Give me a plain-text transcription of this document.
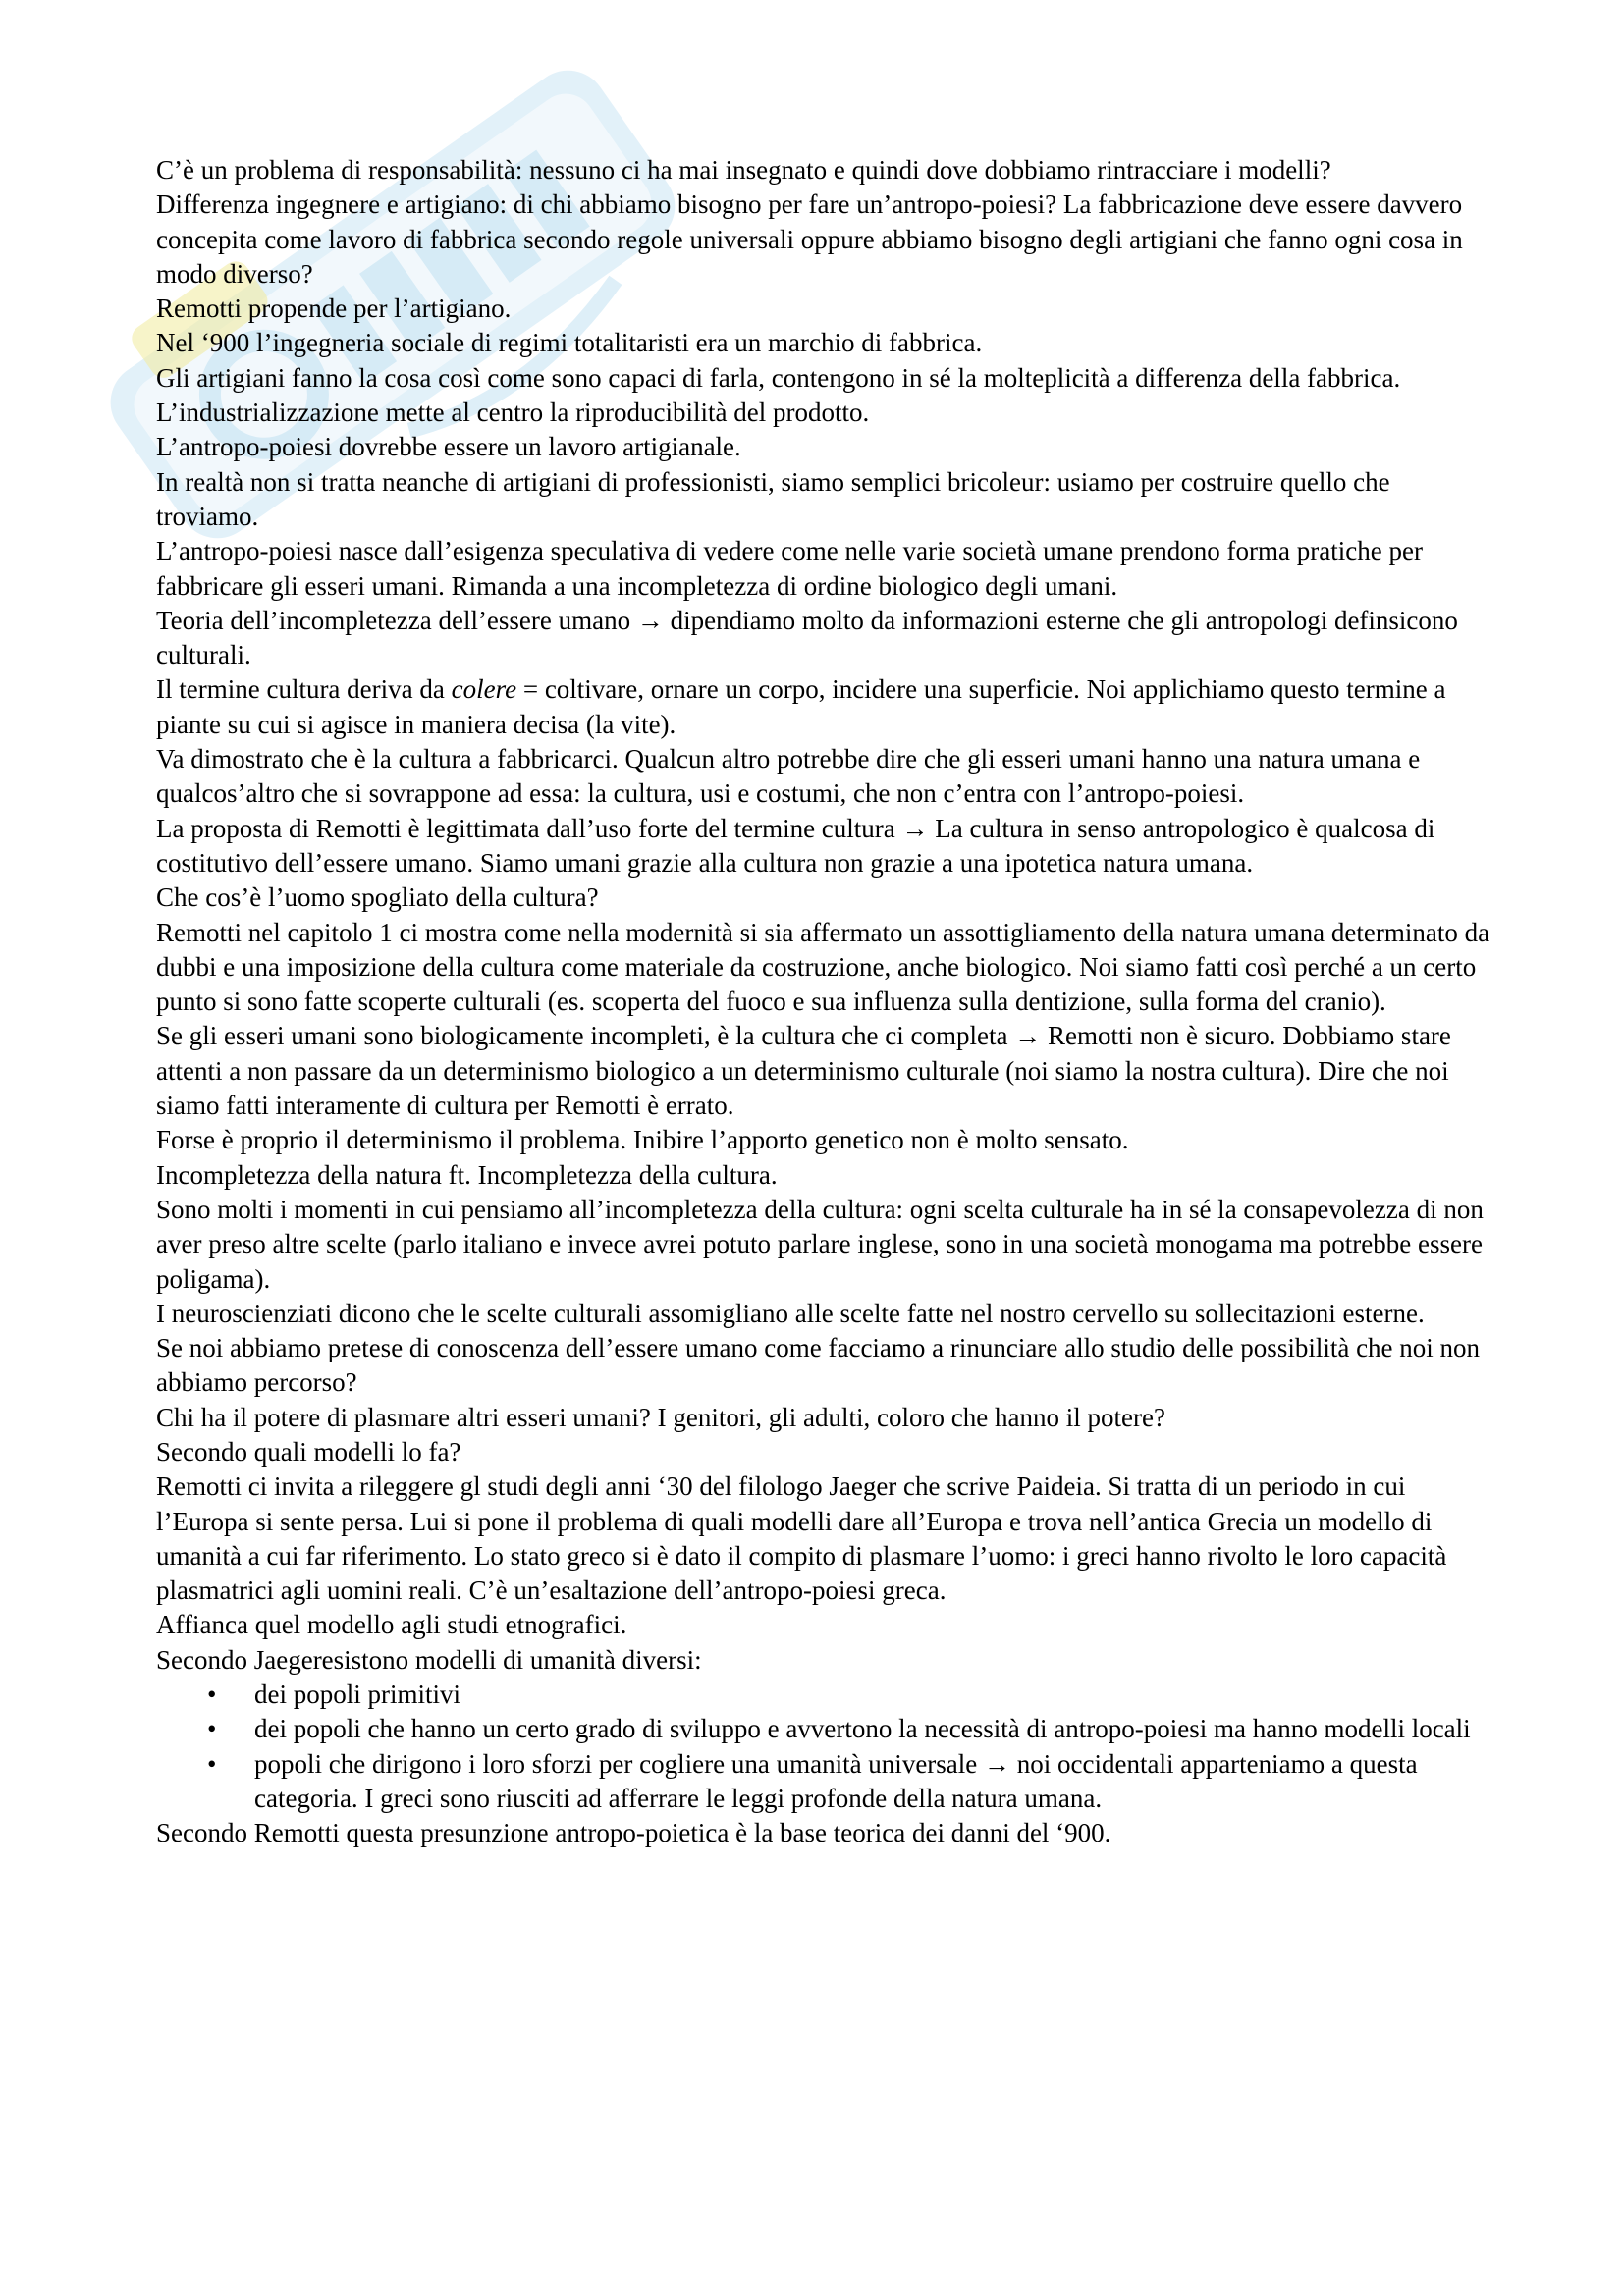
C’è un problema di responsabilità: nessuno ci ha mai insegnato e quindi dove dobbiamo rintracciare i modelli?

Differenza ingegnere e artigiano: di chi abbiamo bisogno per fare un’antropo-poiesi? La fabbricazione deve essere davvero concepita come lavoro di fabbrica secondo regole universali oppure abbiamo bisogno degli artigiani che fanno ogni cosa in modo diverso?

Remotti propende per l’artigiano.

Nel ‘900 l’ingegneria sociale di regimi totalitaristi era un marchio di fabbrica.

Gli artigiani fanno la cosa così come sono capaci di farla, contengono in sé la molteplicità a differenza della fabbrica.

L’industrializzazione mette al centro la riproducibilità del prodotto.

L’antropo-poiesi dovrebbe essere un lavoro artigianale.

In realtà non si tratta neanche di artigiani di professionisti, siamo semplici bricoleur: usiamo per costruire quello che troviamo.

L’antropo-poiesi nasce dall’esigenza speculativa di vedere come nelle varie società umane prendono forma pratiche per fabbricare gli esseri umani. Rimanda a una incompletezza di ordine biologico degli umani.

Teoria dell’incompletezza dell’essere umano → dipendiamo molto da informazioni esterne che gli antropologi definsicono culturali.

Il termine cultura deriva da colere = coltivare, ornare un corpo, incidere una superficie. Noi applichiamo questo termine a piante su cui si agisce in maniera decisa (la vite).

Va dimostrato che è la cultura a fabbricarci. Qualcun altro potrebbe dire che gli esseri umani hanno una natura umana e qualcos’altro che si sovrappone ad essa: la cultura, usi e costumi, che non c’entra con l’antropo-poiesi.

La proposta di Remotti è legittimata dall’uso forte del termine cultura → La cultura in senso antropologico è qualcosa di costitutivo dell’essere umano. Siamo umani grazie alla cultura non grazie a una ipotetica natura umana.

Che cos’è l’uomo spogliato della cultura?

Remotti nel capitolo 1 ci mostra come nella modernità si sia affermato un assottigliamento della natura umana determinato da dubbi e una imposizione della cultura come materiale da costruzione, anche biologico. Noi siamo fatti così perché a un certo punto si sono fatte scoperte culturali (es. scoperta del fuoco e sua influenza sulla dentizione, sulla forma del cranio).

Se gli esseri umani sono biologicamente incompleti, è la cultura che ci completa → Remotti non è sicuro. Dobbiamo stare attenti a non passare da un determinismo biologico a un determinismo culturale (noi siamo la nostra cultura). Dire che noi siamo fatti interamente di cultura per Remotti è errato.

Forse è proprio il determinismo il problema. Inibire l’apporto genetico non è molto sensato.

Incompletezza della natura ft. Incompletezza della cultura.

Sono molti i momenti in cui pensiamo all’incompletezza della cultura: ogni scelta culturale ha in sé la consapevolezza di non aver preso altre scelte (parlo italiano e invece avrei potuto parlare inglese, sono in una società monogama ma potrebbe essere poligama).

I neuroscienziati dicono che le scelte culturali assomigliano alle scelte fatte nel nostro cervello su sollecitazioni esterne.

Se noi abbiamo pretese di conoscenza dell’essere umano come facciamo a rinunciare allo studio delle possibilità che noi non abbiamo percorso?

Chi ha il potere di plasmare altri esseri umani? I genitori, gli adulti, coloro che hanno il potere?

Secondo quali modelli lo fa?

Remotti ci invita a rileggere gl studi degli anni ‘30 del filologo Jaeger che scrive Paideia. Si tratta di un periodo in cui l’Europa si sente persa. Lui si pone il problema di quali modelli dare all’Europa e trova nell’antica Grecia un modello di umanità a cui far riferimento. Lo stato greco si è dato il compito di plasmare l’uomo: i greci hanno rivolto le loro capacità plasmatrici agli uomini reali. C’è un’esaltazione dell’antropo-poiesi greca.

Affianca quel modello agli studi etnografici.

Secondo Jaegeresistono modelli di umanità diversi:

• dei popoli primitivi
• dei popoli che hanno un certo grado di sviluppo e avvertono la necessità di antropo-poiesi ma hanno modelli locali
• popoli che dirigono i loro sforzi per cogliere una umanità universale → noi occidentali apparteniamo a questa categoria. I greci sono riusciti ad afferrare le leggi profonde della natura umana.

Secondo Remotti questa presunzione antropo-poietica è la base teorica dei danni del ‘900.
